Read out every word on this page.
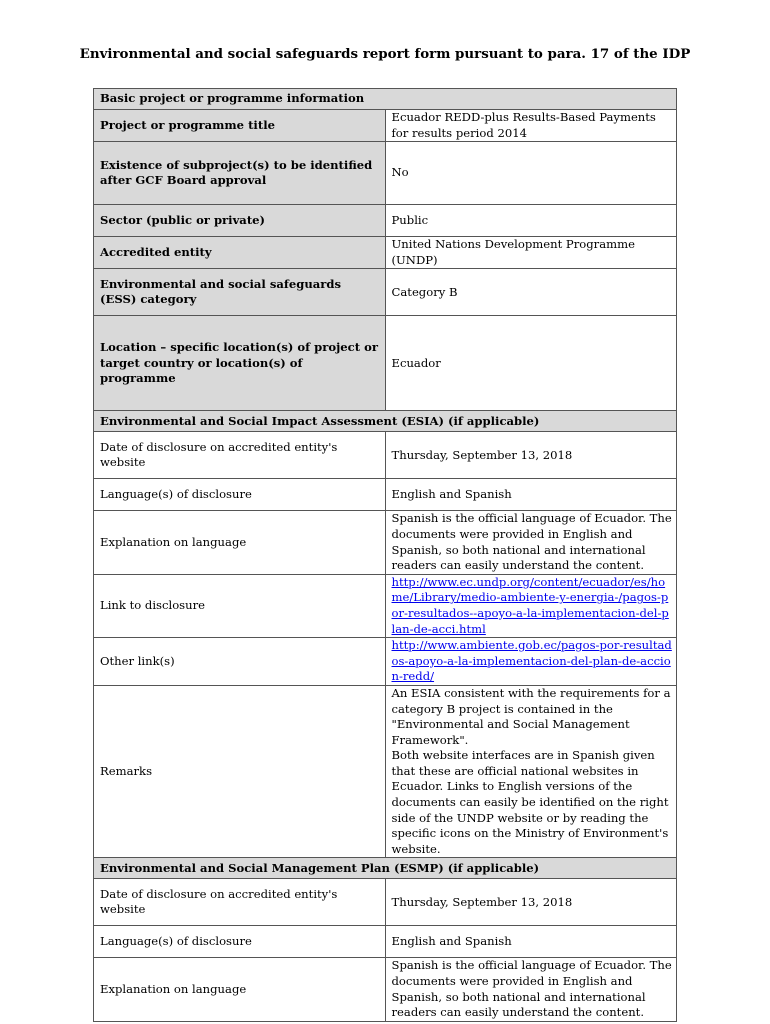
Environmental and social safeguards report form pursuant to para. 17 of the IDP
Basic project or programme information	
Project or programme title	Ecuador REDD-plus Results-Based Payments for results period 2014
Existence of subproject(s) to be identified after GCF Board approval	No
Sector (public or private)	Public
Accredited entity	United Nations Development Programme (UNDP)
Environmental and social safeguards (ESS) category	Category B
Location – specific location(s) of project or target country or location(s) of programme	Ecuador
Environmental and Social Impact Assessment (ESIA) (if applicable)	
Date of disclosure on accredited entity's website	Thursday, September 13, 2018
Language(s) of disclosure	English and Spanish
Explanation on language	Spanish is the official language of Ecuador. The documents were provided in English and Spanish, so both national and international readers can easily understand the content.
Link to disclosure	http://www.ec.undp.org/content/ecuador/es/home/Library/medio-ambiente-y-energia-/pagos-por-resultados--apoyo-a-la-implementacion-del-plan-de-acci.html
Other link(s)	http://www.ambiente.gob.ec/pagos-por-resultados-apoyo-a-la-implementacion-del-plan-de-accion-redd/
Remarks	An ESIA consistent with the requirements for a category B project is contained in the "Environmental and Social Management Framework".
Both website interfaces are in Spanish given that these are official national websites in Ecuador. Links to English versions of the documents can easily be identified on the right side of the UNDP website or by reading the specific icons on the Ministry of Environment's website.

Environmental and Social Management Plan (ESMP) (if applicable)	
Date of disclosure on accredited entity's website	Thursday, September 13, 2018
Language(s) of disclosure	English and Spanish
Explanation on language	Spanish is the official language of Ecuador. The documents were provided in English and Spanish, so both national and international readers can easily understand the content.
